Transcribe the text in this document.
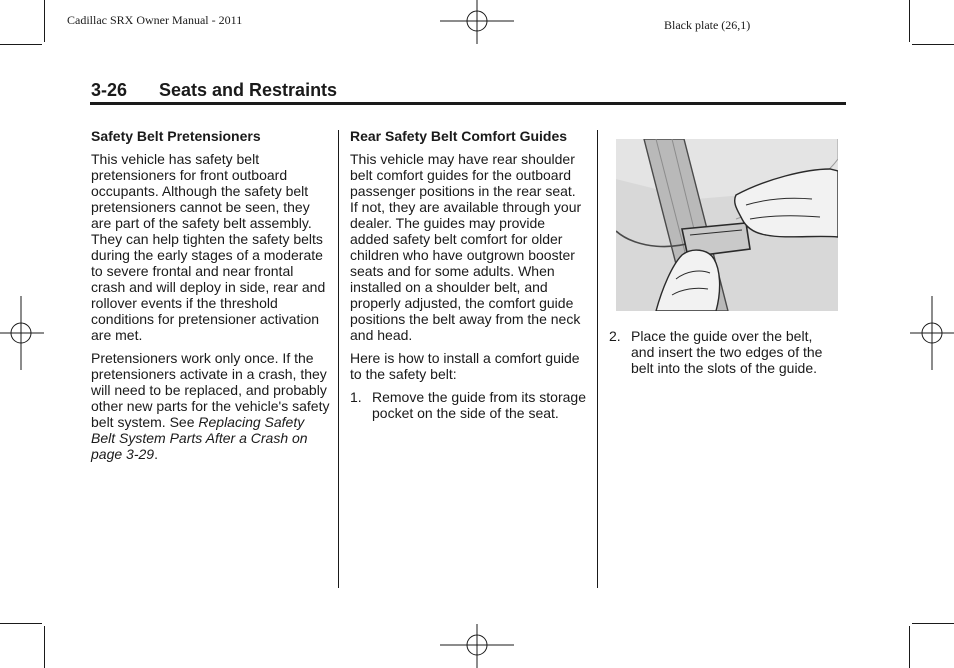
Cadillac SRX Owner Manual - 2011	Black plate (26,1)
3-26 Seats and Restraints
Safety Belt Pretensioners

This vehicle has safety belt pretensioners for front outboard occupants. Although the safety belt pretensioners cannot be seen, they are part of the safety belt assembly. They can help tighten the safety belts during the early stages of a moderate to severe frontal and near frontal crash and will deploy in side, rear and rollover events if the threshold conditions for pretensioner activation are met.

Pretensioners work only once. If the pretensioners activate in a crash, they will need to be replaced, and probably other new parts for the vehicle's safety belt system. See Replacing Safety Belt System Parts After a Crash on page 3-29.

Rear Safety Belt Comfort Guides

This vehicle may have rear shoulder belt comfort guides for the outboard passenger positions in the rear seat. If not, they are available through your dealer. The guides may provide added safety belt comfort for older children who have outgrown booster seats and for some adults. When installed on a shoulder belt, and properly adjusted, the comfort guide positions the belt away from the neck and head.

Here is how to install a comfort guide to the safety belt:

1. Remove the guide from its storage pocket on the side of the seat.
2. Place the guide over the belt, and insert the two edges of the belt into the slots of the guide.
